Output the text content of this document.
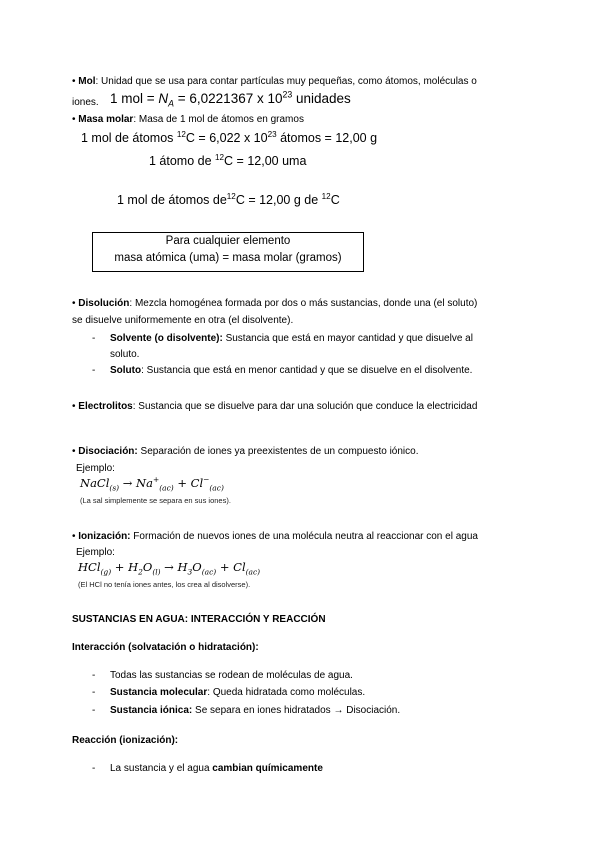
• Mol: Unidad que se usa para contar partículas muy pequeñas, como átomos, moléculas o
iones. 1 mol = $N_A = 6,0221367$ x $10^{23}$ unidades
• Masa molar: Masa de 1 mol de átomos en gramos
1 mol de átomos $^{12}$C = 6,022 x $10^{23}$ átomos = 12,00 g
1 átomo de $^{12}$C = 12,00 uma
1 mol de átomos $de^{12}C = 12,00$ g de $^{12}$C
Para cualquier elemento
masa atómica (uma) = masa molar (gramos)
• Disolución: Mezcla homogénea formada por dos o más sustancias, donde una (el soluto)
se disuelve uniformemente en otra (el disolvente).
- Solvente (o disolvente): Sustancia que está en mayor cantidad y que disuelve al
soluto.
- Soluto: Sustancia que está en menor cantidad y que se disuelve en el disolvente.
• Electrolitos: Sustancia que se disuelve para dar una solución que conduce la electricidad
• Disociación: Separación de iones ya preexistentes de un compuesto iónico.
Ejemplo:
NaCl$_{(s)}$ → $Na^+_{(ac)} + Cl^-_{(ac)}$
(La sal simplemente se separa en sus iones).
• Ionización: Formación de nuevos iones de una molécula neutra al reaccionar con el agua
Ejemplo:
$HCl_{(g)} + H_2O_{(l)} \to H_3O_{(ac)} + Cl_{(ac)}$
(El HCl no tenía iones antes, los crea al disolverse).
SUSTANCIAS EN AGUA: INTERACCIÓN Y REACCIÓN
Interacción (solvatación o hidratación):
- Todas las sustancias se rodean de moléculas de agua.
- Sustancia molecular: Queda hidratada como moléculas.
- Sustancia iónica: Se separa en iones hidratados → Disociación.
Reacción (ionización):
- La sustancia y el agua cambian químicamente
